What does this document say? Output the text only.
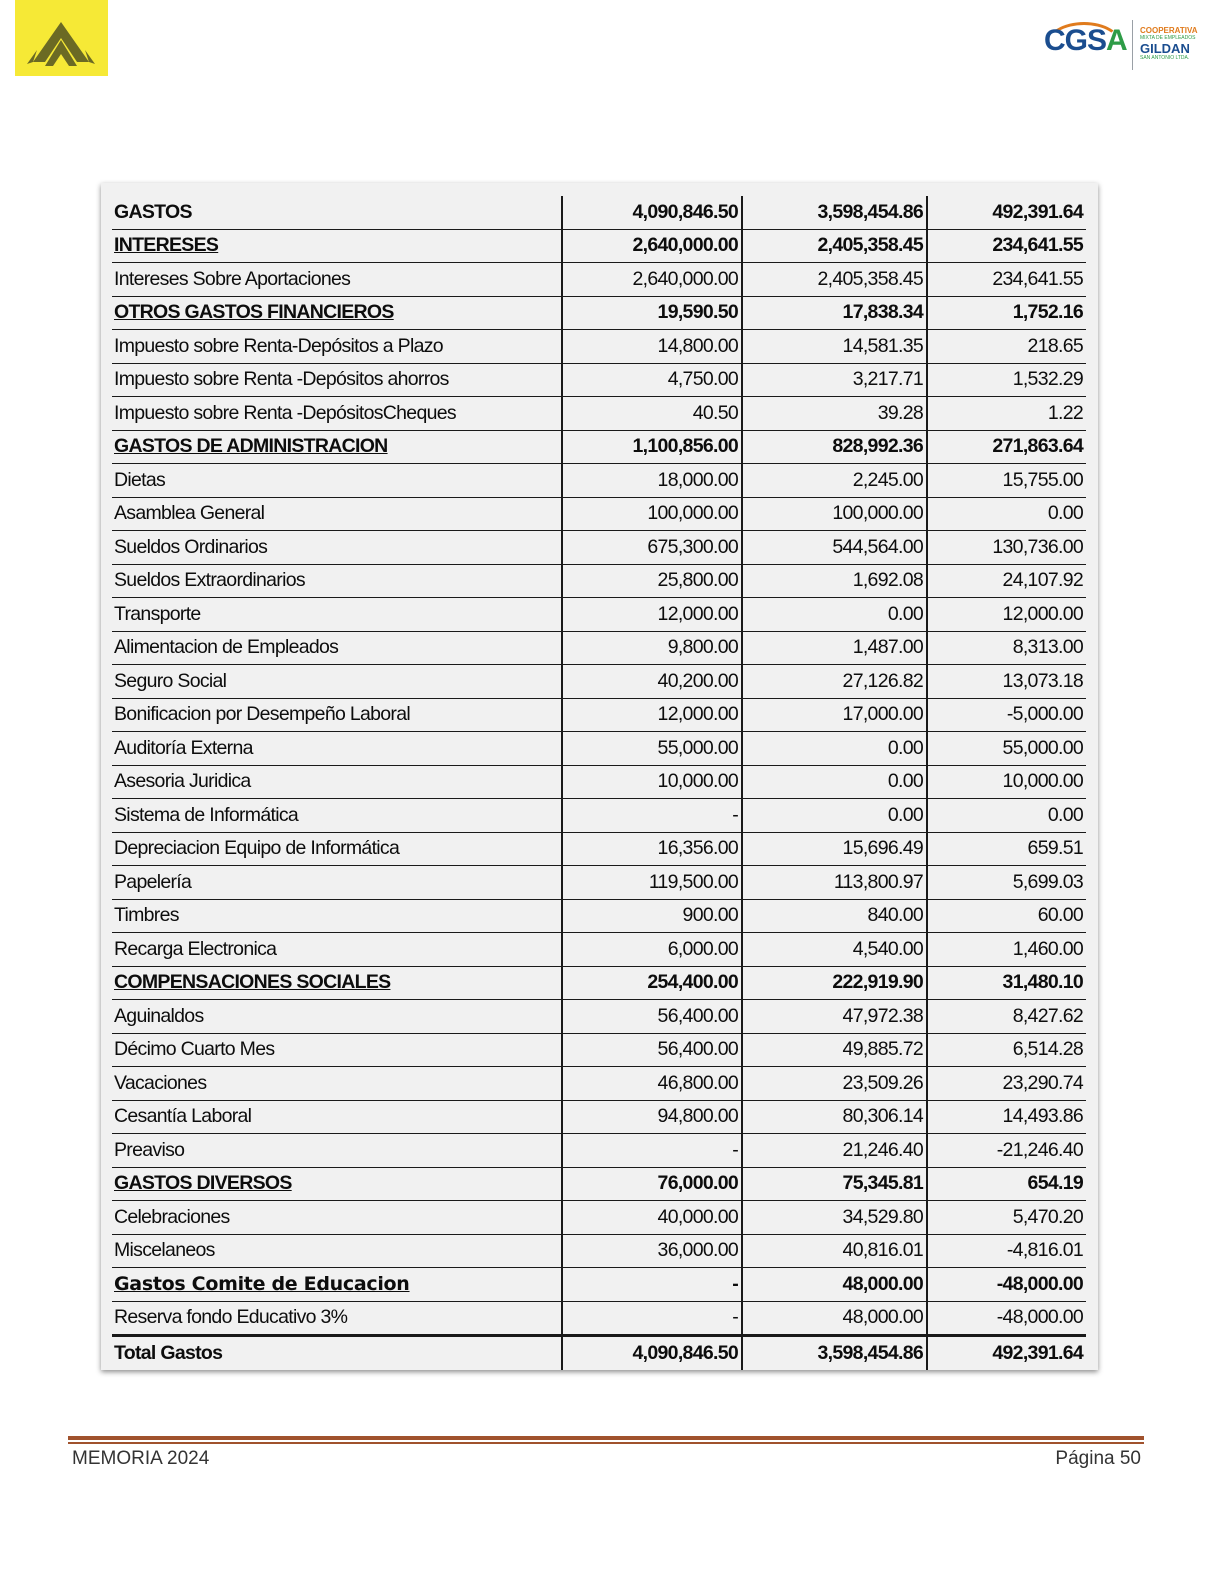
CGSA COOPERATIVA
MIXTA DE EMPLEADOS
GILDAN
SAN ANTONIO LTDA.
GASTOS	4,090,846.50	3,598,454.86	492,391.64
INTERESES	2,640,000.00	2,405,358.45	234,641.55
Intereses Sobre Aportaciones	2,640,000.00	2,405,358.45	234,641.55
OTROS GASTOS FINANCIEROS	19,590.50	17,838.34	1,752.16
Impuesto sobre Renta-Depósitos a Plazo	14,800.00	14,581.35	218.65
Impuesto sobre Renta -Depósitos ahorros	4,750.00	3,217.71	1,532.29
Impuesto sobre Renta -DepósitosCheques	40.50	39.28	1.22
GASTOS DE ADMINISTRACION	1,100,856.00	828,992.36	271,863.64
Dietas	18,000.00	2,245.00	15,755.00
Asamblea General	100,000.00	100,000.00	0.00
Sueldos Ordinarios	675,300.00	544,564.00	130,736.00
Sueldos Extraordinarios	25,800.00	1,692.08	24,107.92
Transporte	12,000.00	0.00	12,000.00
Alimentacion de Empleados	9,800.00	1,487.00	8,313.00
Seguro Social	40,200.00	27,126.82	13,073.18
Bonificacion por Desempeño Laboral	12,000.00	17,000.00	-5,000.00
Auditoría Externa	55,000.00	0.00	55,000.00
Asesoria Juridica	10,000.00	0.00	10,000.00
Sistema de Informática	-	0.00	0.00
Depreciacion Equipo de Informática	16,356.00	15,696.49	659.51
Papelería	119,500.00	113,800.97	5,699.03
Timbres	900.00	840.00	60.00
Recarga Electronica	6,000.00	4,540.00	1,460.00
COMPENSACIONES SOCIALES	254,400.00	222,919.90	31,480.10
Aguinaldos	56,400.00	47,972.38	8,427.62
Décimo Cuarto Mes	56,400.00	49,885.72	6,514.28
Vacaciones	46,800.00	23,509.26	23,290.74
Cesantía Laboral	94,800.00	80,306.14	14,493.86
Preaviso	-	21,246.40	-21,246.40
GASTOS DIVERSOS	76,000.00	75,345.81	654.19
Celebraciones	40,000.00	34,529.80	5,470.20
Miscelaneos	36,000.00	40,816.01	-4,816.01
Gastos Comite de Educacion	-	48,000.00	-48,000.00
Reserva fondo Educativo 3%	-	48,000.00	-48,000.00
Total Gastos	4,090,846.50	3,598,454.86	492,391.64
MEMORIA 2024	Página 50
